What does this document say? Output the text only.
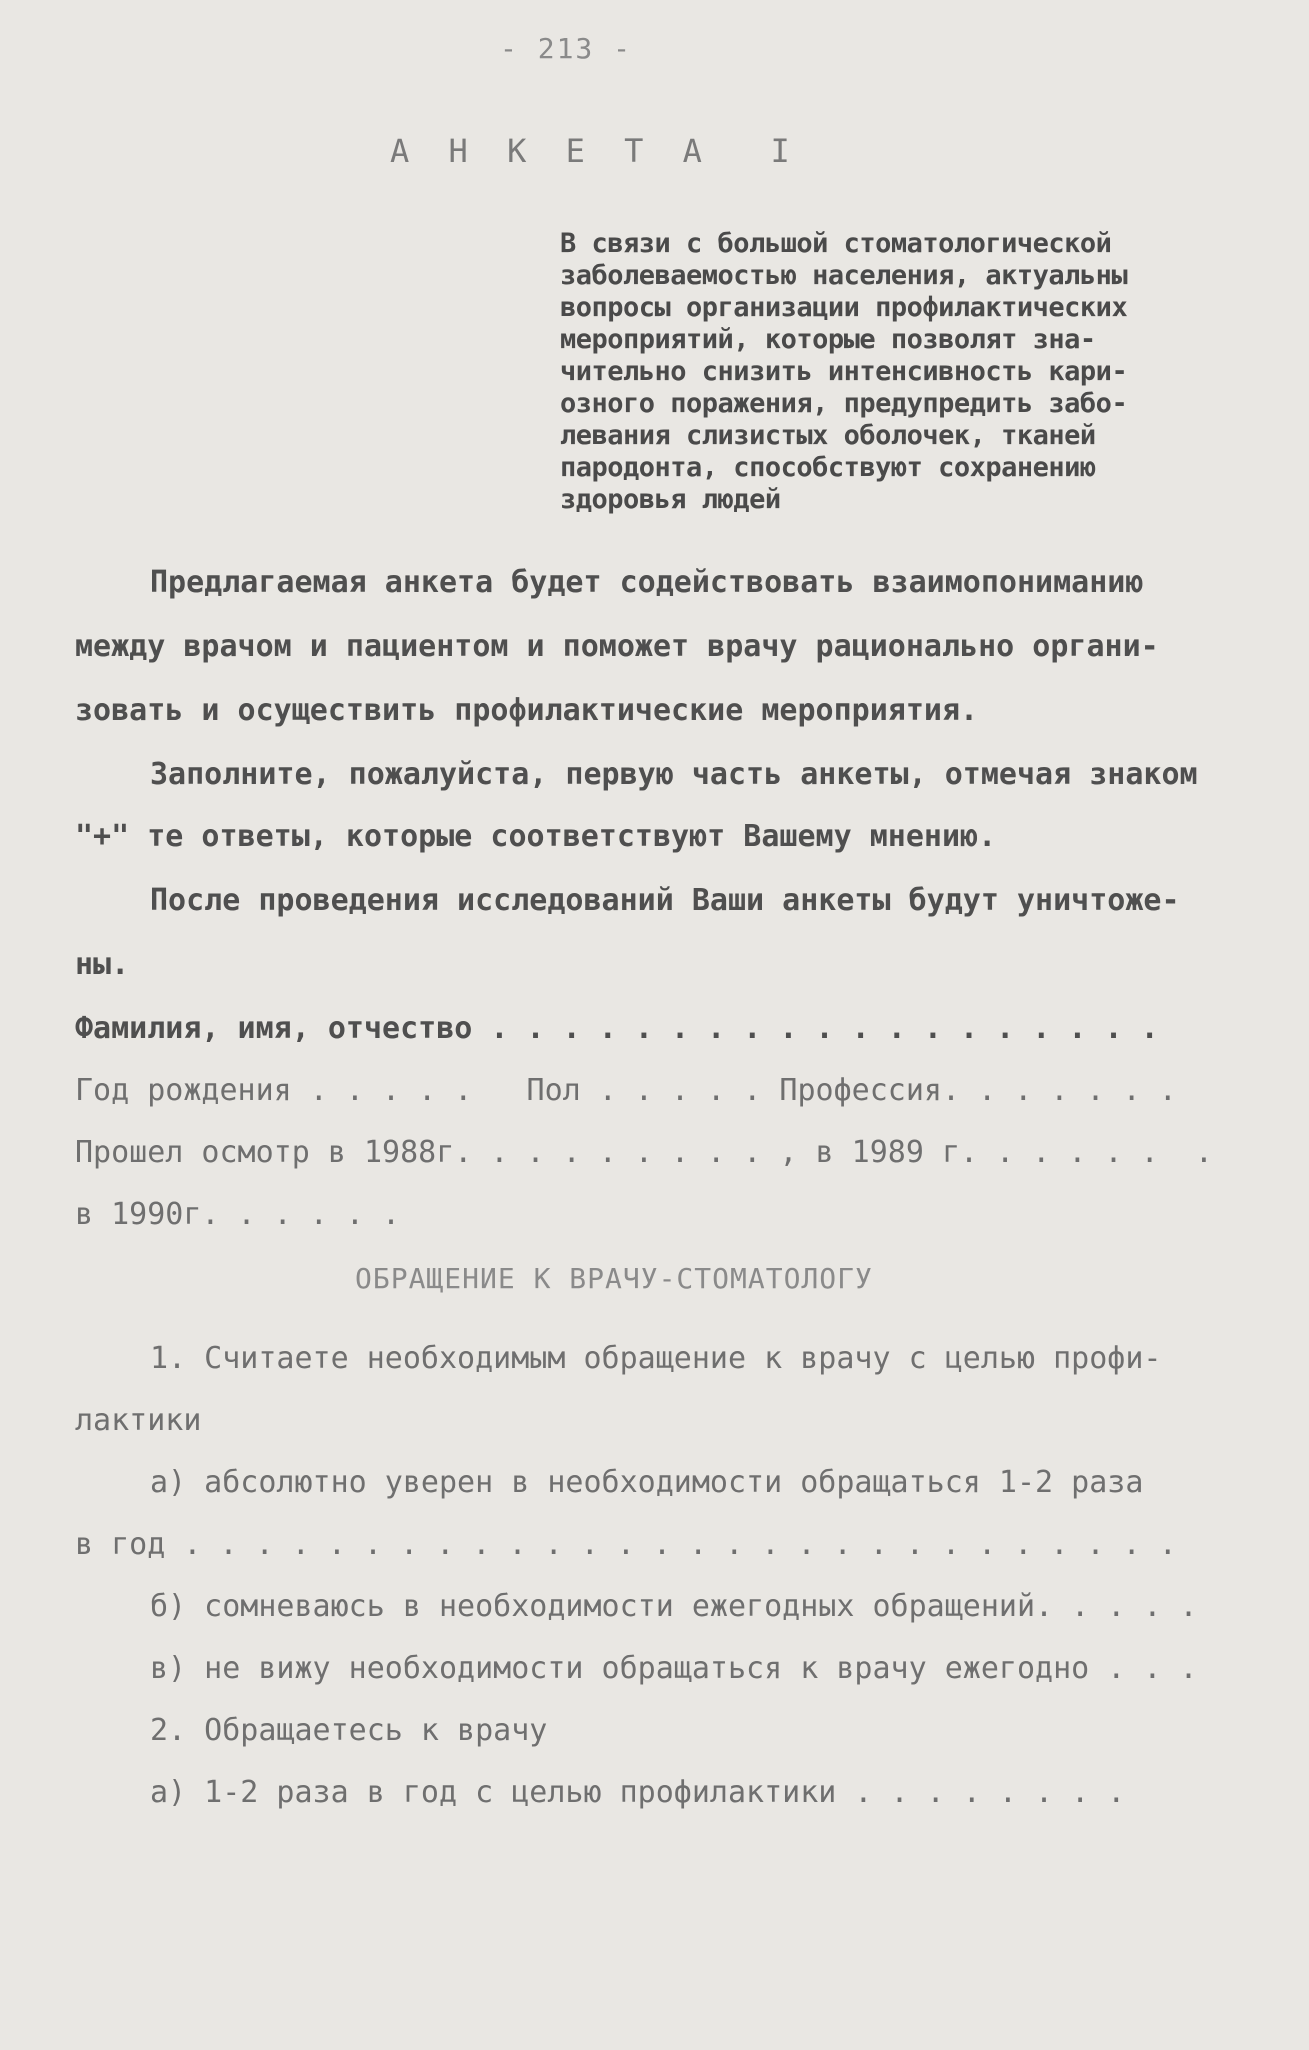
- 213 -
А Н К Е Т А  I
В связи с большой стоматологической
заболеваемостью населения, актуальны
вопросы организации профилактических
мероприятий, которые позволят зна-
чительно снизить интенсивность кари-
озного поражения, предупредить забо-
левания слизистых оболочек, тканей
пародонта, способствуют сохранению
здоровья людей
Предлагаемая анкета будет содействовать взаимопониманию
между врачом и пациентом и поможет врачу рационально органи-
зовать и осуществить профилактические мероприятия.
Заполните, пожалуйста, первую часть анкеты, отмечая знаком
"+" те ответы, которые соответствуют Вашему мнению.
После проведения исследований Ваши анкеты будут уничтоже-
ны.
Фамилия, имя, отчество . . . . . . . . . . . . . . . . . . .
Год рождения . . . . .   Пол . . . . . Профессия. . . . . . .
Прошел осмотр в 1988г. . . . . . . . . , в 1989 г. . . . . .  .
в 1990г. . . . . .
ОБРАЩЕНИЕ К ВРАЧУ-СТОМАТОЛОГУ
1. Считаете необходимым обращение к врачу с целью профи-
лактики
а) абсолютно уверен в необходимости обращаться 1-2 раза
в год . . . . . . . . . . . . . . . . . . . . . . . . . . . .
б) сомневаюсь в необходимости ежегодных обращений. . . . .
в) не вижу необходимости обращаться к врачу ежегодно . . .
2. Обращаетесь к врачу
а) 1-2 раза в год с целью профилактики . . . . . . . .
